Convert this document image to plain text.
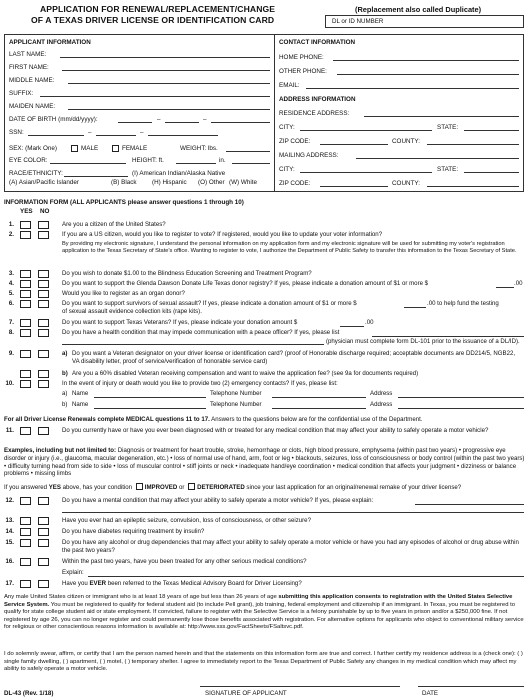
APPLICATION FOR RENEWAL/REPLACEMENT/CHANGE
OF A TEXAS DRIVER LICENSE OR IDENTIFICATION CARD
(Replacement also called Duplicate)
DL or ID NUMBER
APPLICANT INFORMATION
LAST NAME:
FIRST NAME:
MIDDLE NAME:
SUFFIX:
MAIDEN NAME:
DATE OF BIRTH (mm/dd/yyyy):	–	–
SSN:	–	–
SEX: (Mark One)	MALE	FEMALE	WEIGHT: lbs.
EYE COLOR:	HEIGHT: ft.	in.
RACE/ETHNICITY:	(I) American Indian/Alaska Native
(A) Asian/Pacific Islander	(B) Black (H) Hispanic (O) Other (W) White
CONTACT INFORMATION
HOME PHONE:
OTHER PHONE:
EMAIL:
ADDRESS INFORMATION
RESIDENCE ADDRESS:
CITY:	STATE:
ZIP CODE:	COUNTY:
MAILING ADDRESS:
CITY:	STATE:
ZIP CODE:	COUNTY:
INFORMATION FORM (ALL APPLICANTS please answer questions 1 through 10)
YES NO
1.	Are you a citizen of the United States?
2.	If you are a US citizen, would you like to register to vote? If registered, would you like to update your voter information?
By providing my electronic signature, I understand the personal information on my application form and my electronic signature will be used for submitting my voter's registration application to the Texas Secretary of State's office. Wanting to register to vote, I authorize the Department of Public Safety to transfer this information to the Texas Secretary of State.
3.	Do you wish to donate $1.00 to the Blindness Education Screening and Treatment Program?
4.	Do you want to support the Glenda Dawson Donate Life Texas donor registry? If yes, please indicate a donation amount of $1 or more $	.00
5.	Would you like to register as an organ donor?
6.	Do you want to support survivors of sexual assault? If yes, please indicate a donation amount of $1 or more $	.00 to help fund the testing
of sexual assault evidence collection kits (rape kits).
7.	Do you want to support Texas Veterans? If yes, please indicate your donation amount $	.00
8.	Do you have a health condition that may impede communication with a peace officer? If yes, please list
(physician must complete form DL-101 prior to the issuance of a DL/ID).
9.	a) Do you want a Veteran designator on your driver license or identification card? (proof of Honorable discharge required; acceptable documents are DD214/5, NGB22, VA disability letter, proof of service/verification of honorable service card)
b) Are you a 60% disabled Veteran receiving compensation and want to waive the application fee? (see 9a for documents required)
10.	In the event of injury or death would you like to provide two (2) emergency contacts? If yes, please list:
a) Name	Telephone Number	Address
b) Name	Telephone Number	Address
For all Driver License Renewals complete MEDICAL questions 11 to 17. Answers to the questions below are for the confidential use of the Department.
11.	Do you currently have or have you ever been diagnosed with or treated for any medical condition that may affect your ability to safely operate a motor vehicle?
Examples, including but not limited to: Diagnosis or treatment for heart trouble, stroke, hemorrhage or clots, high blood pressure, emphysema (within past two years) • progressive eye disorder or injury (i.e., glaucoma, macular degeneration, etc.) • loss of normal use of hand, arm, foot or leg • blackouts, seizures, loss of consciousness or body control (within the past two years) • difficulty turning head from side to side • loss of muscular control • stiff joints or neck • inadequate hand/eye coordination • medical condition that affects your judgment • dizziness or balance problems • missing limbs
If you answered YES above, has your condition IMPROVED or DETERIORATED since your last application for an original/renewal remake of your driver license?
12.	Do you have a mental condition that may affect your ability to safely operate a motor vehicle? If yes, please explain:
13.	Have you ever had an epileptic seizure, convulsion, loss of consciousness, or other seizure?
14.	Do you have diabetes requiring treatment by insulin?
15.	Do you have any alcohol or drug dependencies that may affect your ability to safely operate a motor vehicle or have you had any episodes of alcohol or drug abuse within the past two years?
16.	Within the past two years, have you been treated for any other serious medical conditions?
Explain:
17.	Have you EVER been referred to the Texas Medical Advisory Board for Driver Licensing?
Any male United States citizen or immigrant who is at least 18 years of age but less than 26 years of age submitting this application consents to registration with the United States Selective Service System. You must be registered to qualify for federal student aid (to include Pell grant), job training, federal employment and citizenship if an immigrant. In Texas, you must be registered to qualify for state college student aid or state employment. If convicted, failure to register with the Selective Service is a felony punishable by up to five years in prison and/or a $250,000 fine. If not registered by age 26, you can no longer register and could permanently lose those benefits associated with registration. For alternative options for applicants who object to conventional military service for religious or other conscientious reasons information is available at: http://www.sss.gov/FactSheets/FSaltsvc.pdf.
I do solemnly swear, affirm, or certify that I am the person named herein and that the statements on this information form are true and correct. I further certify my residence address is a (check one): ( ) single family dwelling, ( ) apartment, ( ) motel, ( ) temporary shelter. I agree to immediately report to the Texas Department of Public Safety any changes in my medical condition which may affect my ability to safely operate a motor vehicle.
DL-43 (Rev. 1/18)	SIGNATURE OF APPLICANT	DATE
